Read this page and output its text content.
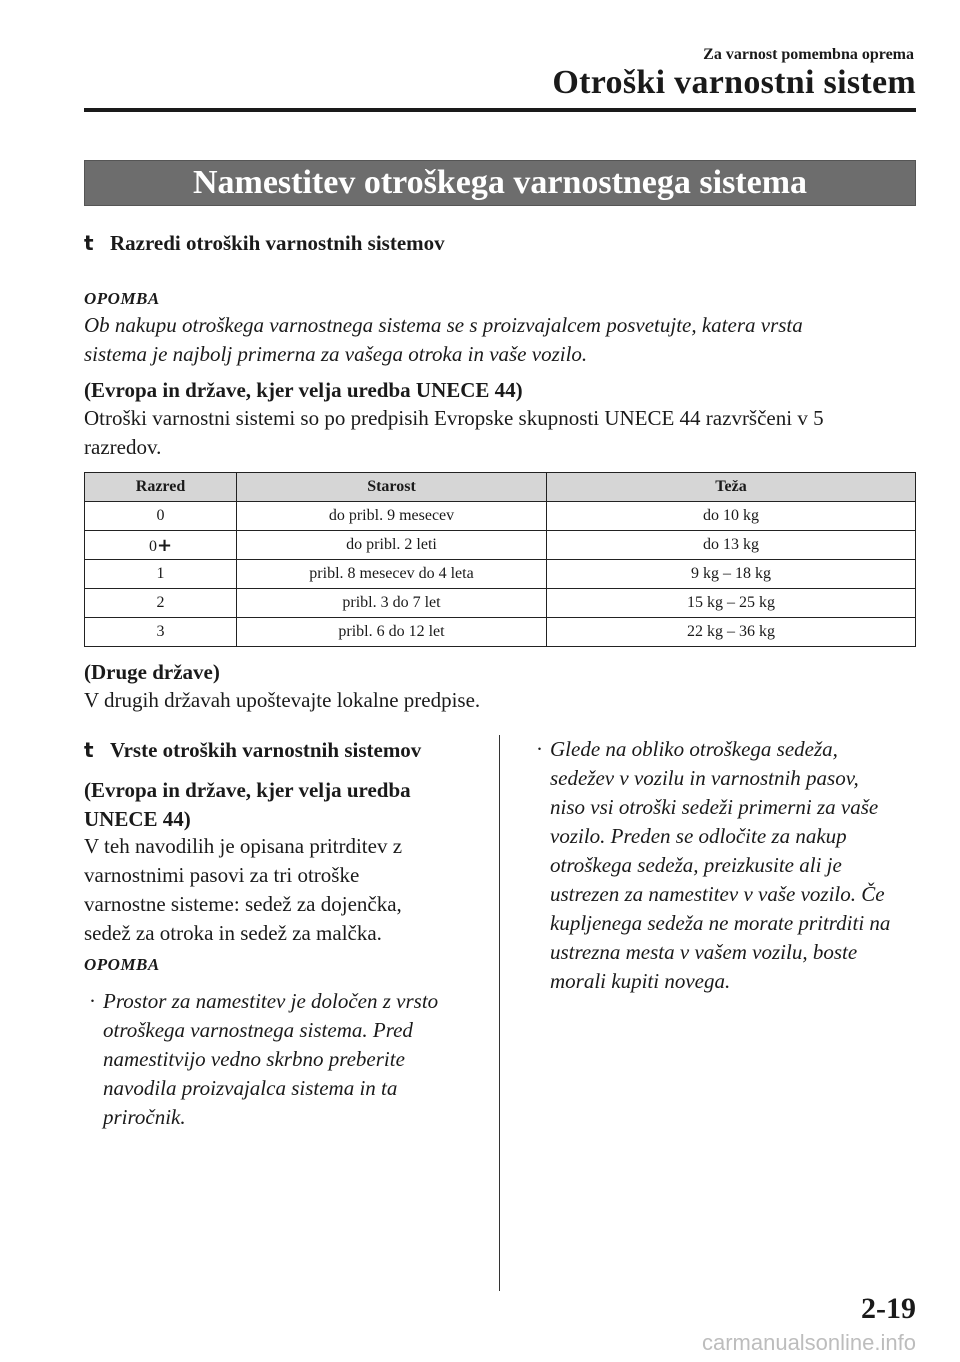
Za varnost pomembna oprema
Otroški varnostni sistem
Namestitev otroškega varnostnega sistema
t Razredi otroških varnostnih sistemov
OPOMBA
Ob nakupu otroškega varnostnega sistema se s proizvajalcem posvetujte, katera vrsta
sistema je najbolj primerna za vašega otroka in vaše vozilo.
(Evropa in države, kjer velja uredba UNECE 44)
Otroški varnostni sistemi so po predpisih Evropske skupnosti UNECE 44 razvrščeni v 5
razredov.
Razred	Starost	Teža
0	do pribl. 9 mesecev	do 10 kg
0+	do pribl. 2 leti	do 13 kg
1	pribl. 8 mesecev do 4 leta	9 kg – 18 kg
2	pribl. 3 do 7 let	15 kg – 25 kg
3	pribl. 6 do 12 let	22 kg – 36 kg
(Druge države)
V drugih državah upoštevajte lokalne predpise.
t Vrste otroških varnostnih sistemov
(Evropa in države, kjer velja uredba
UNECE 44)
V teh navodilih je opisana pritrditev z
varnostnimi pasovi za tri otroške
varnostne sisteme: sedež za dojenčka,
sedež za otroka in sedež za malčka.
OPOMBA
· Prostor za namestitev je določen z vrsto
otroškega varnostnega sistema. Pred
namestitvijo vedno skrbno preberite
navodila proizvajalca sistema in ta
priročnik.
· Glede na obliko otroškega sedeža,
sedežev v vozilu in varnostnih pasov,
niso vsi otroški sedeži primerni za vaše
vozilo. Preden se odločite za nakup
otroškega sedeža, preizkusite ali je
ustrezen za namestitev v vaše vozilo. Če
kupljenega sedeža ne morate pritrditi na
ustrezna mesta v vašem vozilu, boste
morali kupiti novega.
2-19
carmanualsonline.info
